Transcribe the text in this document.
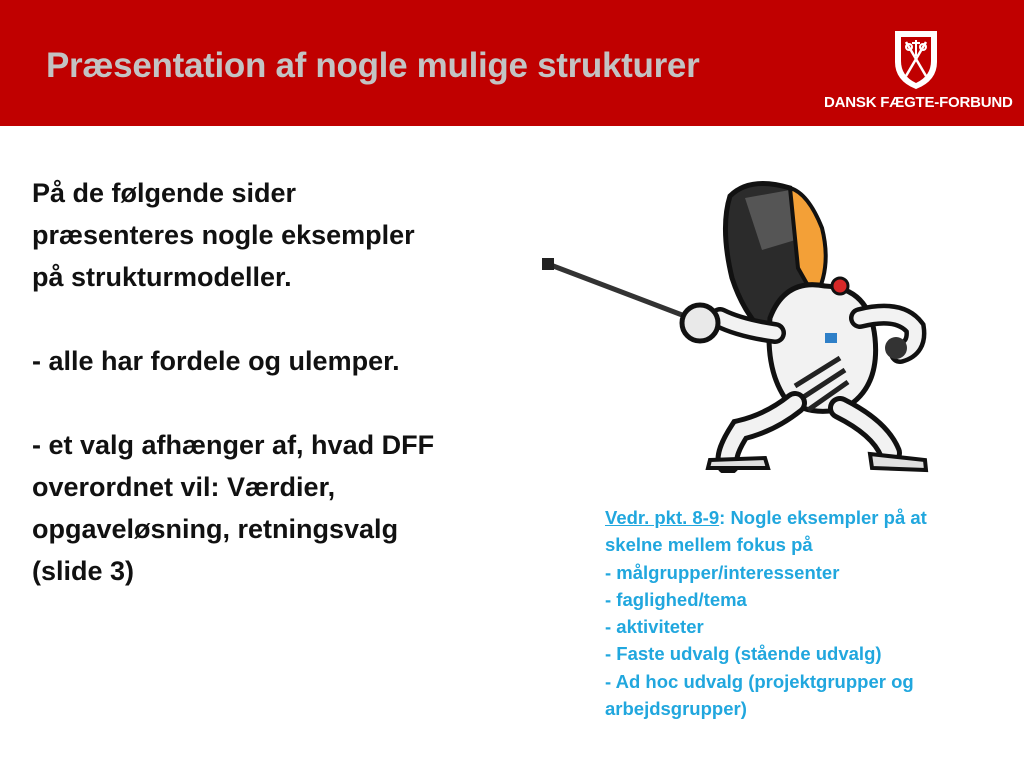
Præsentation af nogle mulige strukturer
DANSK FÆGTE-FORBUND

På de følgende sider

præsenteres nogle eksempler

på strukturmodeller.

- alle har fordele og ulemper.

- et valg afhænger af, hvad DFF

overordnet vil: Værdier,

opgaveløsning, retningsvalg

(slide 3)

Vedr. pkt. 8-9: Nogle eksempler på at

skelne mellem fokus på

- målgrupper/interessenter

- faglighed/tema

- aktiviteter

- Faste udvalg (stående udvalg)

- Ad hoc udvalg (projektgrupper og

arbejdsgrupper)
